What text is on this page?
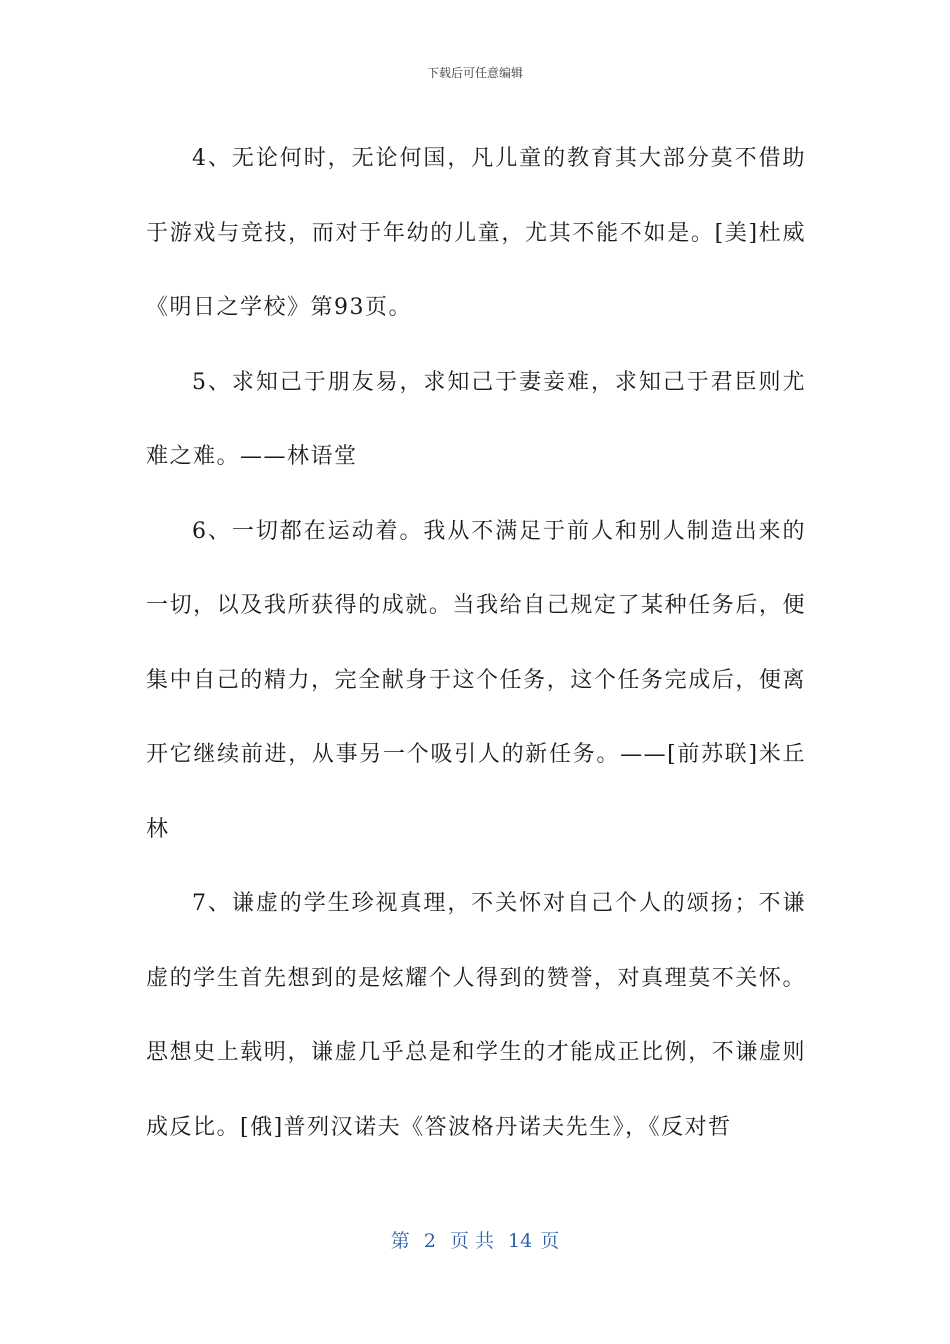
下载后可任意编辑

4、无论何时，无论何国，凡儿童的教育其大部分莫不借助于游戏与竞技，而对于年幼的儿童，尤其不能不如是。[美]杜威《明日之学校》第93页。

5、求知己于朋友易，求知己于妻妾难，求知己于君臣则尤难之难。——林语堂

6、一切都在运动着。我从不满足于前人和别人制造出来的一切，以及我所获得的成就。当我给自己规定了某种任务后，便集中自己的精力，完全献身于这个任务，这个任务完成后，便离开它继续前进，从事另一个吸引人的新任务。——[前苏联]米丘林

7、谦虚的学生珍视真理，不关怀对自己个人的颂扬；不谦虚的学生首先想到的是炫耀个人得到的赞誉，对真理莫不关怀。思想史上载明，谦虚几乎总是和学生的才能成正比例，不谦虚则成反比。[俄]普列汉诺夫《答波格丹诺夫先生》，《反对哲

第 2 页 共 14 页
